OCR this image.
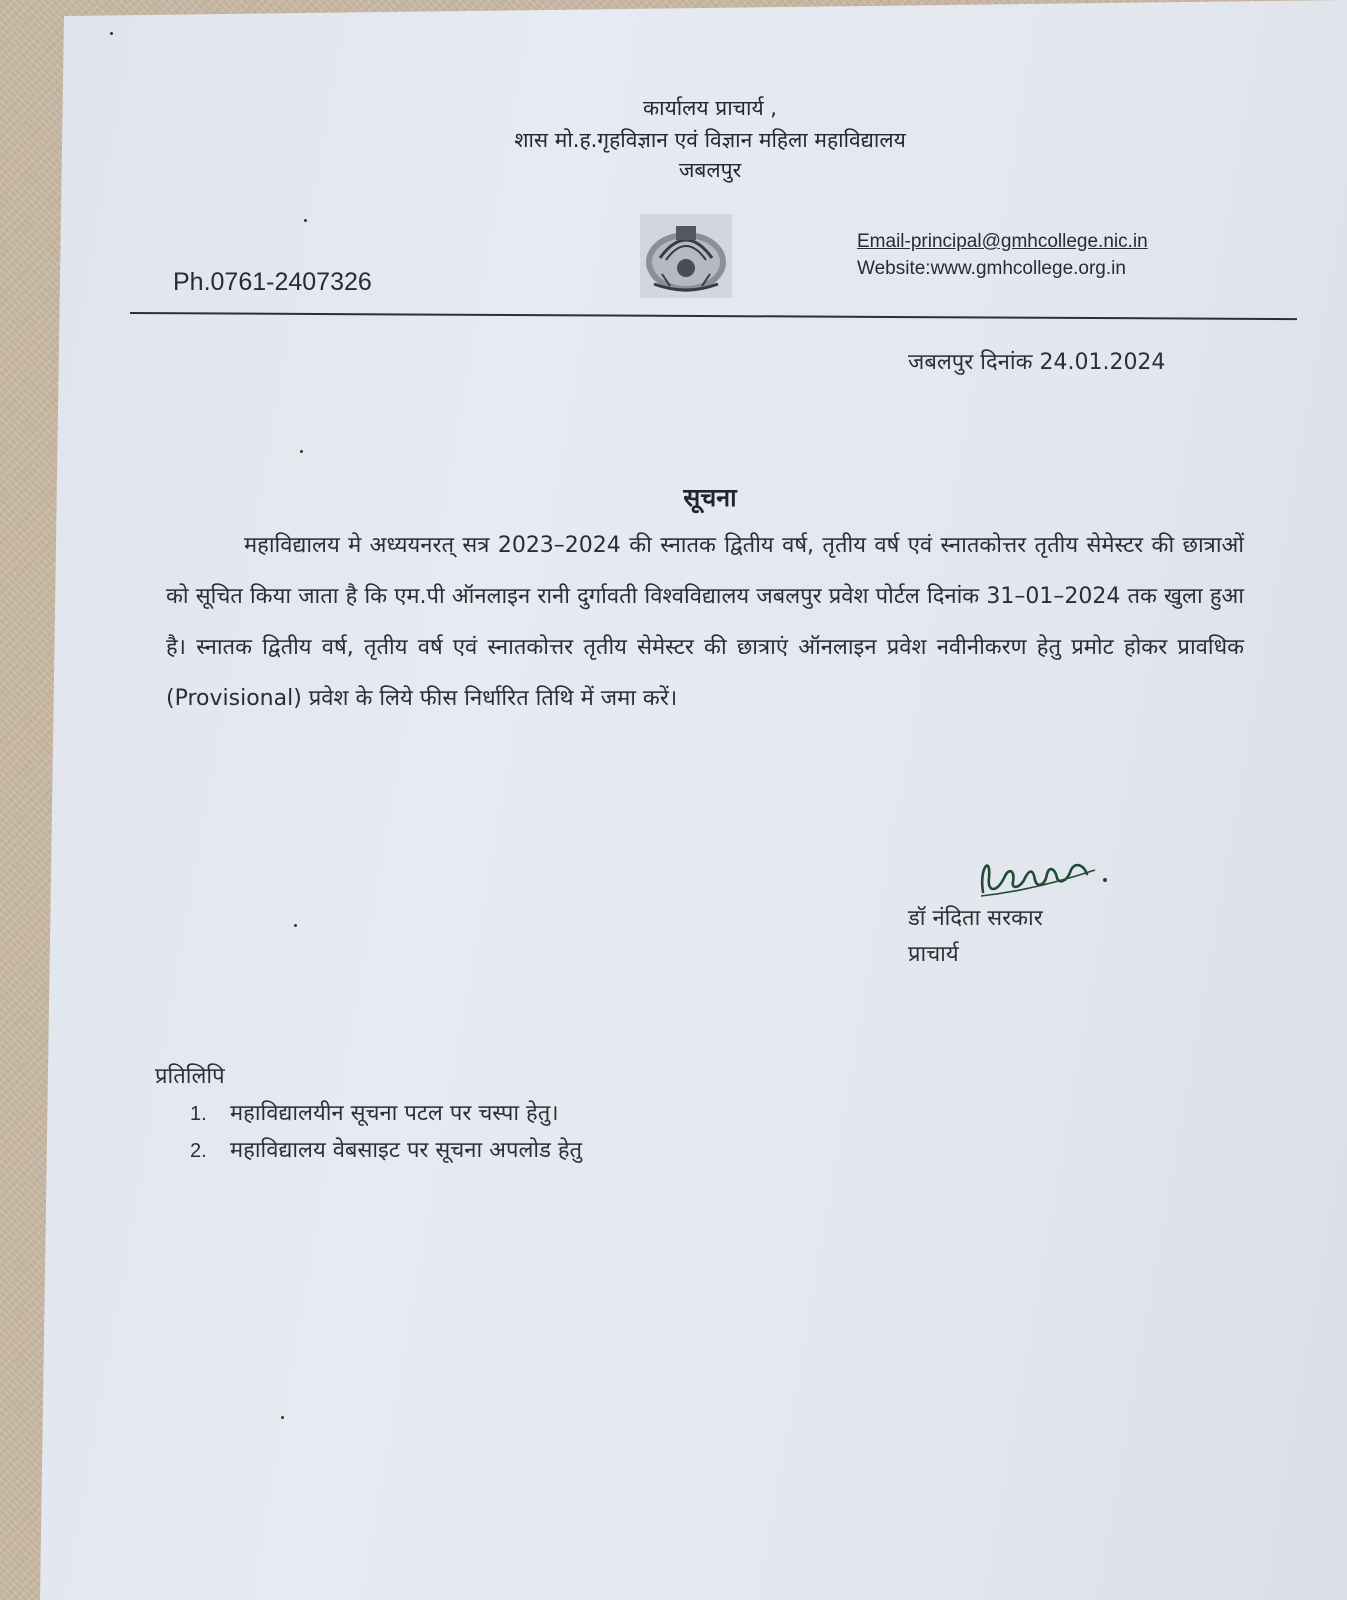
कार्यालय प्राचार्य ,
शास मो.ह.गृहविज्ञान एवं विज्ञान महिला महाविद्यालय
जबलपुर
Ph.0761-2407326
Email-principal@gmhcollege.nic.in
Website:www.gmhcollege.org.in
जबलपुर दिनांक 24.01.2024
सूचना
महाविद्यालय मे अध्ययनरत् सत्र 2023–2024 की स्नातक द्वितीय वर्ष, तृतीय वर्ष एवं स्नातकोत्तर तृतीय सेमेस्टर की छात्राओं को सूचित किया जाता है कि एम.पी ऑनलाइन रानी दुर्गावती विश्वविद्यालय जबलपुर प्रवेश पोर्टल दिनांक 31–01–2024 तक खुला हुआ है। स्नातक द्वितीय वर्ष, तृतीय वर्ष एवं स्नातकोत्तर तृतीय सेमेस्टर की छात्राएं ऑनलाइन प्रवेश नवीनीकरण हेतु प्रमोट होकर प्रावधिक (Provisional) प्रवेश के लिये फीस निर्धारित तिथि में जमा करें।
डॉ नंदिता सरकार
प्राचार्य
प्रतिलिपि
1. महाविद्यालयीन सूचना पटल पर चस्पा हेतु।
2. महाविद्यालय वेबसाइट पर सूचना अपलोड हेतु
